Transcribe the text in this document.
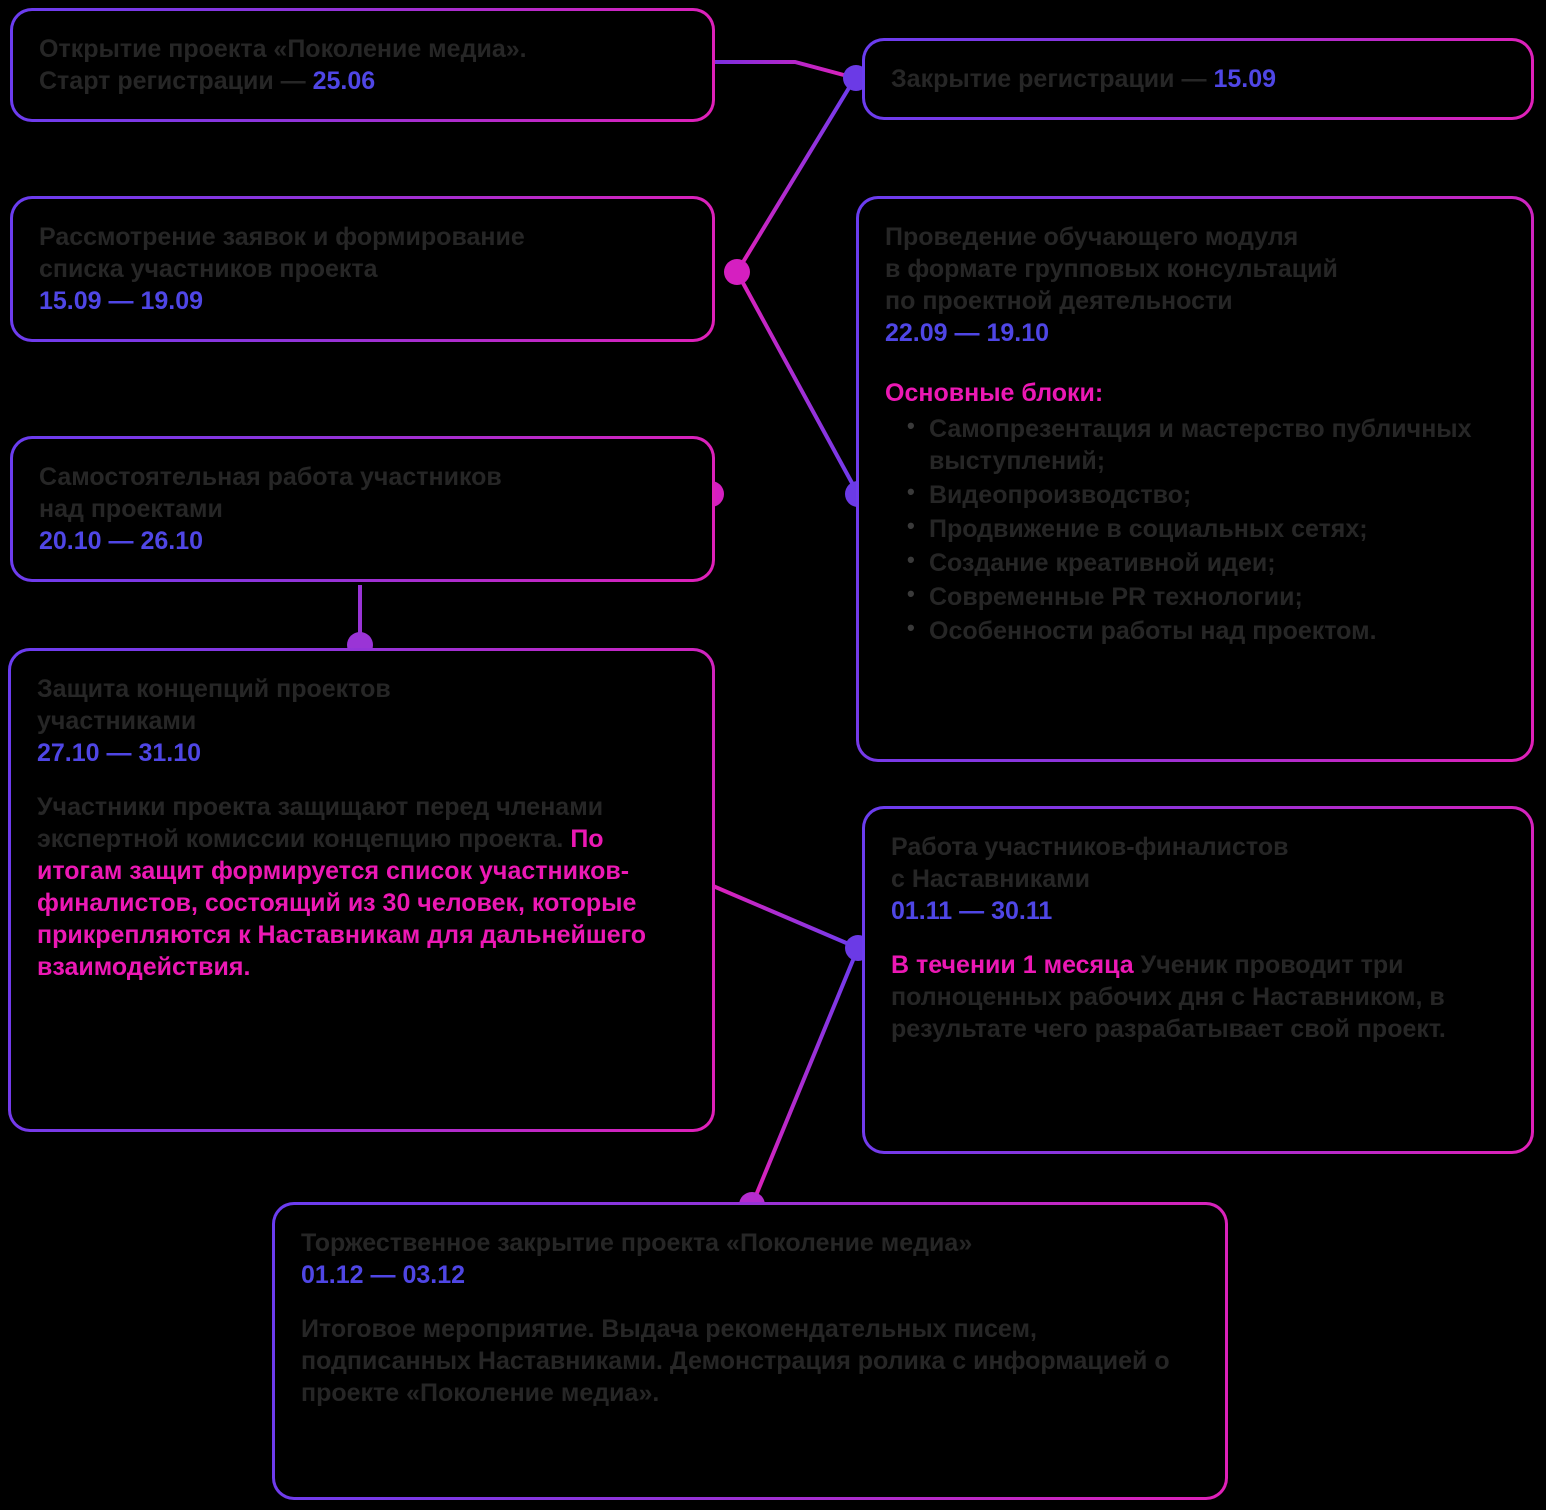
Открытие проекта «Поколение медиа».
Старт регистрации — 25.06	Закрытие регистрации — 15.09
Рассмотрение заявок и формирование
списка участников проекта
15.09 — 19.09
Проведение обучающего модуля
в формате групповых консультаций
по проектной деятельности
22.09 — 19.10
Основные блоки:
• Самопрезентация и мастерство публичных выступлений;
• Видеопроизводство;
• Продвижение в социальных сетях;
• Создание креативной идеи;
• Современные PR технологии;
• Особенности работы над проектом.
Самостоятельная работа участников
над проектами
20.10 — 26.10
Защита концепций проектов
участниками
27.10 — 31.10
Участники проекта защищают перед членами экспертной комиссии концепцию проекта. По итогам защит формируется список участников-финалистов, состоящий из 30 человек, которые прикрепляются к Наставникам для дальнейшего взаимодействия.
Работа участников-финалистов
с Наставниками
01.11 — 30.11
В течении 1 месяца Ученик проводит три полноценных рабочих дня с Наставником, в результате чего разрабатывает свой проект.
Торжественное закрытие проекта «Поколение медиа»
01.12 — 03.12
Итоговое мероприятие. Выдача рекомендательных писем, подписанных Наставниками. Демонстрация ролика с информацией о проекте «Поколение медиа».
